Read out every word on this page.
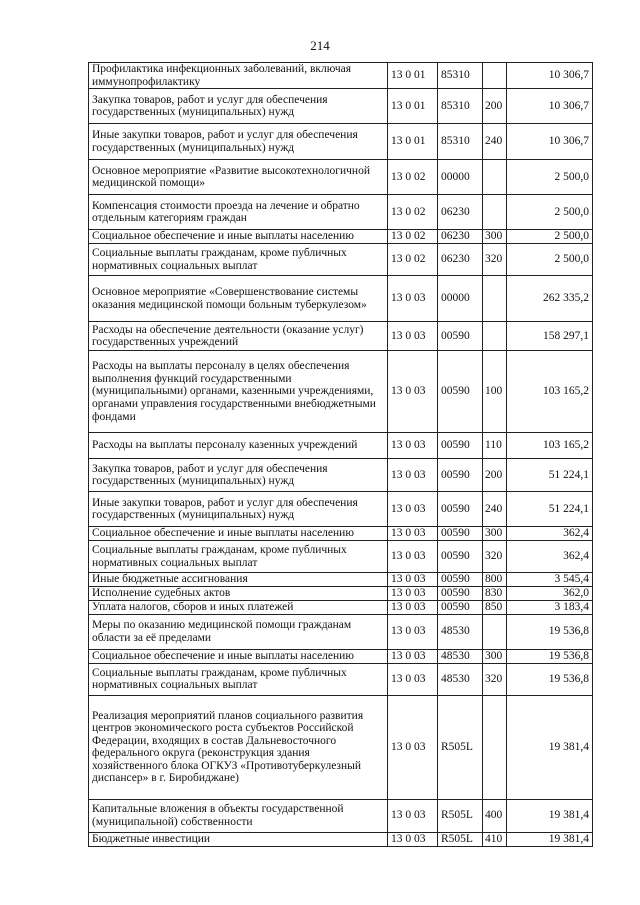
214
Профилактика инфекционных заболеваний, включая иммунопрофилактику	13 0 01	85310		10 306,7
Закупка товаров, работ и услуг для обеспечения государственных (муниципальных) нужд	13 0 01	85310	200	10 306,7
Иные закупки товаров, работ и услуг для обеспечения государственных (муниципальных) нужд	13 0 01	85310	240	10 306,7
Основное мероприятие «Развитие высокотехнологичной медицинской помощи»	13 0 02	00000		2 500,0
Компенсация стоимости проезда на лечение и обратно отдельным категориям граждан	13 0 02	06230		2 500,0
Социальное обеспечение и иные выплаты населению	13 0 02	06230	300	2 500,0
Социальные выплаты гражданам, кроме публичных нормативных социальных выплат	13 0 02	06230	320	2 500,0
Основное мероприятие «Совершенствование системы оказания медицинской помощи больным туберкулезом»	13 0 03	00000		262 335,2
Расходы на обеспечение деятельности (оказание услуг) государственных учреждений	13 0 03	00590		158 297,1
Расходы на выплаты персоналу в целях обеспечения выполнения функций государственными (муниципальными) органами, казенными учреждениями, органами управления государственными внебюджетными фондами	13 0 03	00590	100	103 165,2
Расходы на выплаты персоналу казенных учреждений	13 0 03	00590	110	103 165,2
Закупка товаров, работ и услуг для обеспечения государственных (муниципальных) нужд	13 0 03	00590	200	51 224,1
Иные закупки товаров, работ и услуг для обеспечения государственных (муниципальных) нужд	13 0 03	00590	240	51 224,1
Социальное обеспечение и иные выплаты населению	13 0 03	00590	300	362,4
Социальные выплаты гражданам, кроме публичных нормативных социальных выплат	13 0 03	00590	320	362,4
Иные бюджетные ассигнования	13 0 03	00590	800	3 545,4
Исполнение судебных актов	13 0 03	00590	830	362,0
Уплата налогов, сборов и иных платежей	13 0 03	00590	850	3 183,4
Меры по оказанию медицинской помощи гражданам области за её пределами	13 0 03	48530		19 536,8
Социальное обеспечение и иные выплаты населению	13 0 03	48530	300	19 536,8
Социальные выплаты гражданам, кроме публичных нормативных социальных выплат	13 0 03	48530	320	19 536,8
Реализация мероприятий планов социального развития центров экономического роста субъектов Российской Федерации, входящих в состав Дальневосточного федерального округа (реконструкция здания хозяйственного блока ОГКУЗ «Противотуберкулезный диспансер» в г. Биробиджане)	13 0 03	R505L		19 381,4
Капитальные вложения в объекты государственной (муниципальной) собственности	13 0 03	R505L	400	19 381,4
Бюджетные инвестиции	13 0 03	R505L	410	19 381,4
